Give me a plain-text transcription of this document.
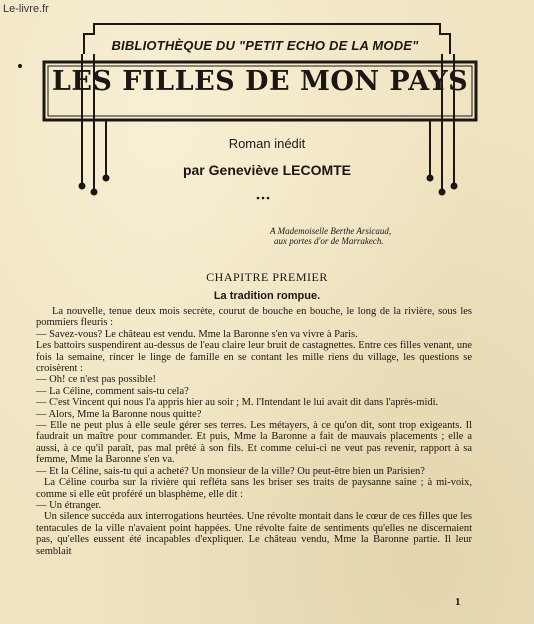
Le-livre.fr
BIBLIOTHÈQUE DU "PETIT ECHO DE LA MODE"
LES FILLES DE MON PAYS
Roman inédit
par Geneviève LECOMTE
A Mademoiselle Berthe Arsicaud,
aux portes d'or de Marrakech.
CHAPITRE PREMIER
La tradition rompue.

La nouvelle, tenue deux mois secrète, courut de bouche en bouche, le long de la rivière, sous les pommiers fleuris :

— Savez-vous? Le château est vendu. Mme la Baronne s'en va vivre à Paris.

Les battoirs suspendirent au-dessus de l'eau claire leur bruit de castagnettes. Entre ces filles venant, une fois la semaine, rincer le linge de famille en se contant les mille riens du village, les questions se croisèrent :

— Oh! ce n'est pas possible!

— La Céline, comment sais-tu cela?

— C'est Vincent qui nous l'a appris hier au soir ; M. l'Intendant le lui avait dit dans l'après-midi.

— Alors, Mme la Baronne nous quitte?

— Elle ne peut plus à elle seule gérer ses terres. Les métayers, à ce qu'on dit, sont trop exigeants. Il faudrait un maître pour commander. Et puis, Mme la Baronne a fait de mauvais placements ; elle a aussi, à ce qu'il paraît, pas mal prêté à son fils. Et comme celui-ci ne veut pas revenir, rapport à sa femme, Mme la Baronne s'en va.

— Et la Céline, sais-tu qui a acheté? Un monsieur de la ville? Ou peut-être bien un Parisien?

La Céline courba sur la rivière qui refléta sans les briser ses traits de paysanne saine ; à mi-voix, comme si elle eût proféré un blasphème, elle dit :

— Un étranger.

Un silence succéda aux interrogations heurtées. Une révolte montait dans le cœur de ces filles que les tentacules de la ville n'avaient point happées. Une révolte faite de sentiments qu'elles ne discernaient pas, qu'elles eussent été incapables d'expliquer. Le château vendu, Mme la Baronne partie. Il leur semblait

1
